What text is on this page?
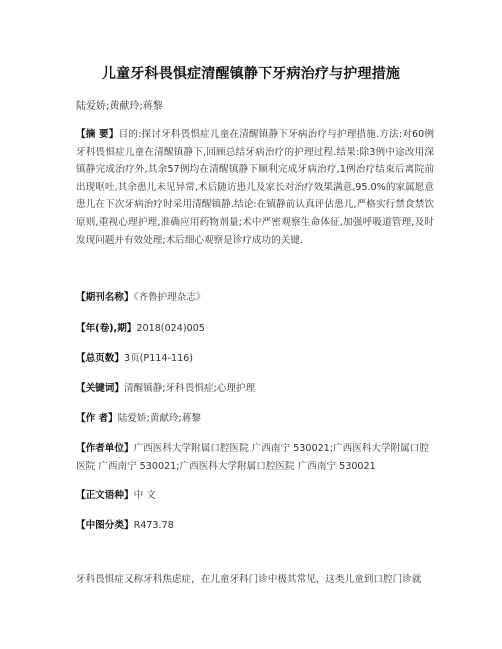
儿童牙科畏惧症清醒镇静下牙病治疗与护理措施
陆爱娇;黄献玲;蒋黎
【摘 要】目的:探讨牙科畏惧症儿童在清醒镇静下牙病治疗与护理措施.方法:对60例牙科畏惧症儿童在清醒镇静下,回顾总结牙病治疗的护理过程.结果:除3例中途改用深镇静完成治疗外,其余57例均在清醒镇静下顺利完成牙病治疗,1例治疗结束后离院前出现呕吐,其余患儿未见异常,术后随访患儿及家长对治疗效果满意,95.0%的家属愿意患儿在下次牙病治疗时采用清醒镇静.结论:在镇静前认真评估患儿,严格实行禁食禁饮原则,重视心理护理,准确应用药物剂量;术中严密观察生命体征,加强呼吸道管理,及时发现问题并有效处理;术后细心观察是诊疗成功的关键.
【期刊名称】《齐鲁护理杂志》
【年(卷),期】2018(024)005
【总页数】3页(P114-116)
【关键词】清醒镇静;牙科畏惧症;心理护理
【作 者】陆爱娇;黄献玲;蒋黎
【作者单位】广西医科大学附属口腔医院 广西南宁 530021;广西医科大学附属口腔医院 广西南宁 530021;广西医科大学附属口腔医院 广西南宁 530021
【正文语种】中 文
【中图分类】R473.78
牙科畏惧症又称牙科焦虑症，在儿童牙科门诊中极其常见，这类儿童到口腔门诊就
